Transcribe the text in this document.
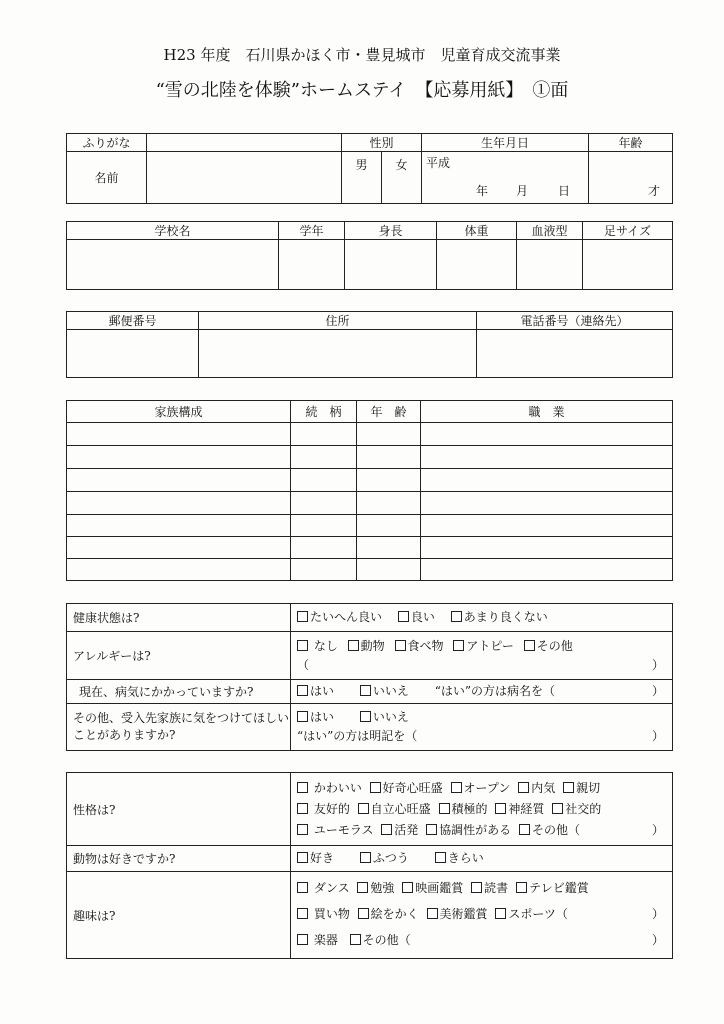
H23 年度　石川県かほく市・豊見城市　児童育成交流事業
“雪の北陸を体験”ホームステイ　【応募用紙】　①面
ふりがな		性別		生年月日	年齢
名前		男	女	平成
年 月 日	才
学校名	学年	身長	体重	血液型	足サイズ

郵便番号	住所	電話番号（連絡先）

家族構成	続　柄	年　齢	職　業

健康状態は?	たいへん良い 良い あまり良くない
アレルギーは?	なし 動物 食べ物 アトピー その他
（ ）

現在、病気にかかっていますか?	はい いいえ “はい”の方は病名を（ ）

その他、受入先家族に気をつけてほしいことがありますか?	はい いいえ
“はい”の方は明記を（ ）
性格は?	かわいい 好奇心旺盛 オープン 内気 親切
友好的 自立心旺盛 積極的 神経質 社交的
ユーモラス 活発 協調性がある その他（ ）

動物は好きですか?	好き ふつう きらい
趣味は?	ダンス 勉強 映画鑑賞 読書 テレビ鑑賞
買い物 絵をかく 美術鑑賞 スポーツ（ ）
楽器 その他（ ）
